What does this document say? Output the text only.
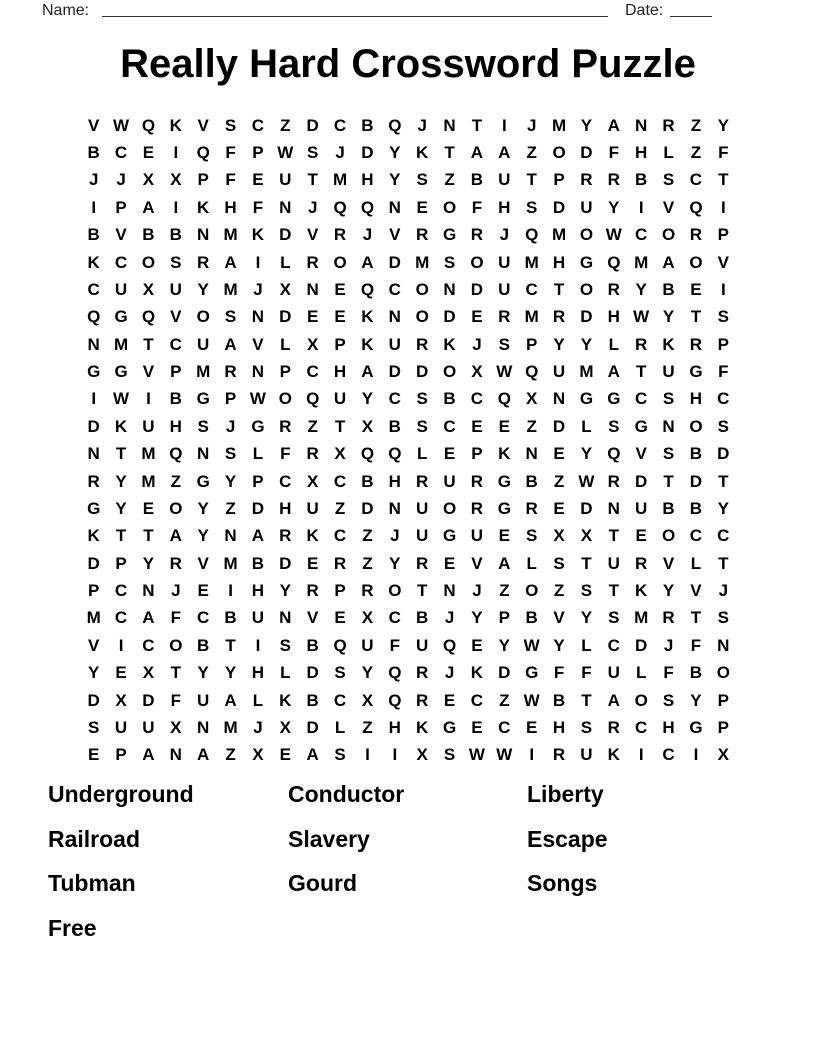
Name:	Date:
Really Hard Crossword Puzzle
V W Q K V S C Z D C B Q J N T	I	J M Y A N R Z Y
B C E	I	Q F P W S J D Y K T A A Z O D F H L Z F
J	J X X P F E U T M H Y S Z B U T P R R B S C T
I	P A	I	K H F N J Q Q N E O F H S D U Y	I	V Q	I
B V B B N M K D V R J V R G R J Q M O W C O R P
K C O S R A	I	L R O A D M S O U M H G Q M A O V
C U X U Y M J X N E Q C O N D U C T O R Y B E	I
Q G Q V O S N D E E K N O D E R M R D H W Y T S
N M T C U A V L X P K U R K J S P Y Y L R K R P
G G V P M R N P C H A D D O X W Q U M A T U G F
I W I	B G P W O Q U Y C S B C Q X N G G C S H C
D K U H S J G R Z T X B S C E E Z D L S G N O S
N T M Q N S L F R X Q Q L E P K N E Y Q V S B D
R Y M Z G Y P C X C B H R U R G B Z W R D T D T
G Y E O Y Z D H U Z D N U O R G R E D N U B B Y
K T T A Y N A R K C Z	J U G U E S X X T E O C C
D P Y R V M B D E R Z Y R E V A L S T U R V L T
P C N J E	I	H Y R P R O T N J	Z O Z S T K Y V J
M C A F C B U N V E X C B J Y P B V Y S M R T S
V	I	C O B T	I	S B Q U F U Q E Y W Y L C D J	F N
Y E X T Y Y H L D S Y Q R J K D G F F U L F B O
D X D F U A L K B C X Q R E C Z W B T A O S Y P
S U U X N M J X D L Z H K G E C E H S R C H G P
E P A N A Z X E A S	I	I	X S W W I	R U K	I	C	I	X
Underground
Railroad
Tubman
Free
Conductor
Slavery
Gourd
Liberty
Escape
Songs
